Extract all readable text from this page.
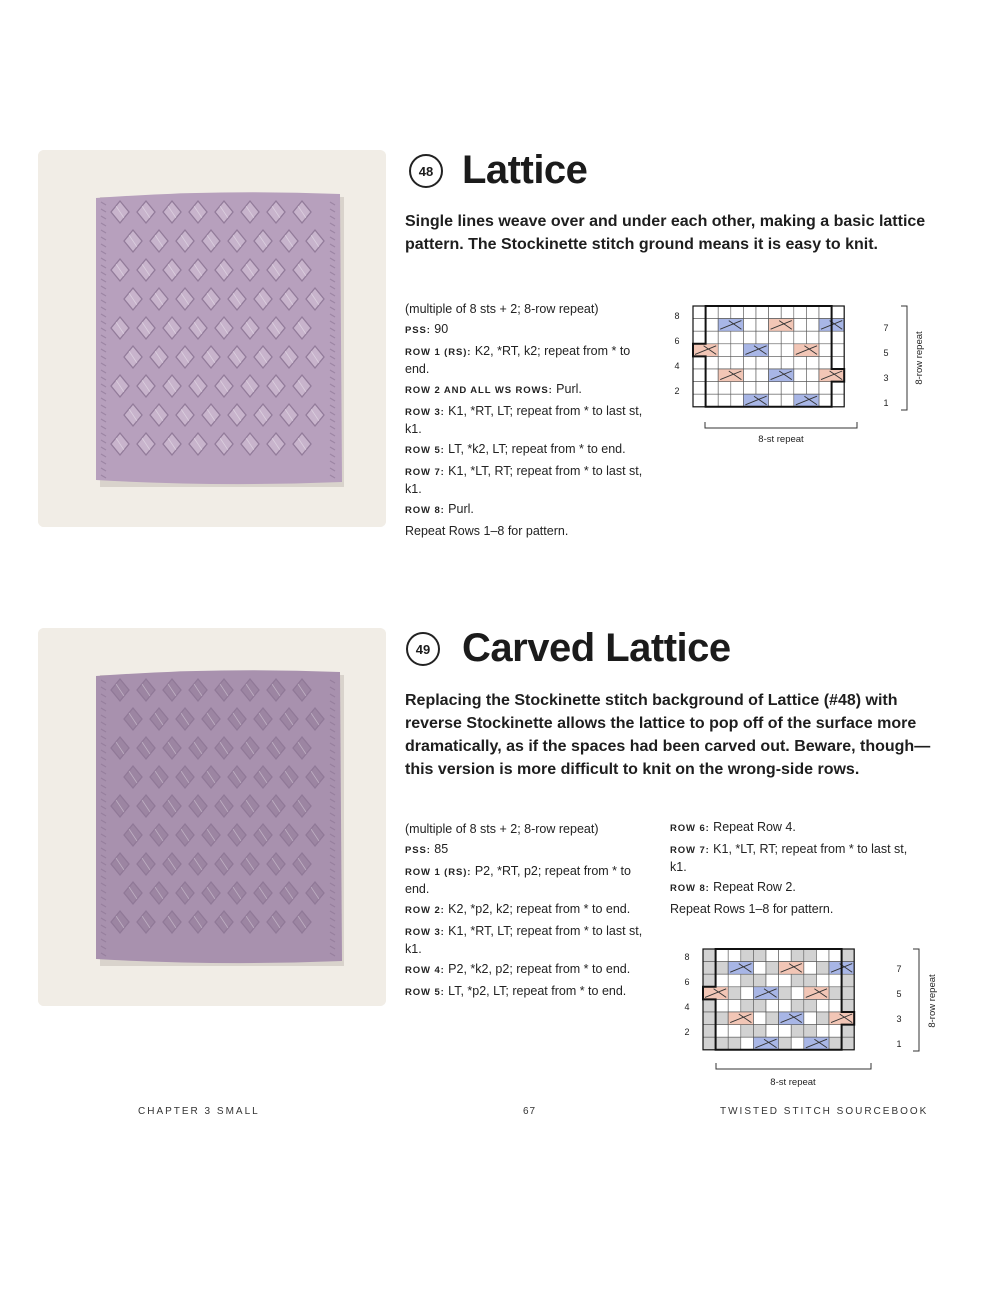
48 Lattice
Single lines weave over and under each other, making a basic lattice pattern. The Stockinette stitch ground means it is easy to knit.

(multiple of 8 sts + 2; 8-row repeat)

PSS: 90

ROW 1 (RS): K2, *RT, k2; repeat from * to end.

ROW 2 AND ALL WS ROWS: Purl.

ROW 3: K1, *RT, LT; repeat from * to last st, k1.

ROW 5: LT, *k2, LT; repeat from * to end.

ROW 7: K1, *LT, RT; repeat from * to last st, k1.

ROW 8: Purl.

Repeat Rows 1–8 for pattern.

8
6
4
2
7
5
3
1
8-st repeat
8-row repeat
49 Carved Lattice
Replacing the Stockinette stitch background of Lattice (#48) with reverse Stockinette allows the lattice to pop off of the surface more dramatically, as if the spaces had been carved out. Beware, though—this version is more difficult to knit on the wrong-side rows.

(multiple of 8 sts + 2; 8-row repeat)

PSS: 85

ROW 1 (RS): P2, *RT, p2; repeat from * to end.

ROW 2: K2, *p2, k2; repeat from * to end.

ROW 3: K1, *RT, LT; repeat from * to last st, k1.

ROW 4: P2, *k2, p2; repeat from * to end.

ROW 5: LT, *p2, LT; repeat from * to end.

ROW 6: Repeat Row 4.

ROW 7: K1, *LT, RT; repeat from * to last st, k1.

ROW 8: Repeat Row 2.

Repeat Rows 1–8 for pattern.

8
6
4
2
7
5
3
1
8-st repeat
8-row repeat
CHAPTER 3 SMALL	67	TWISTED STITCH SOURCEBOOK
